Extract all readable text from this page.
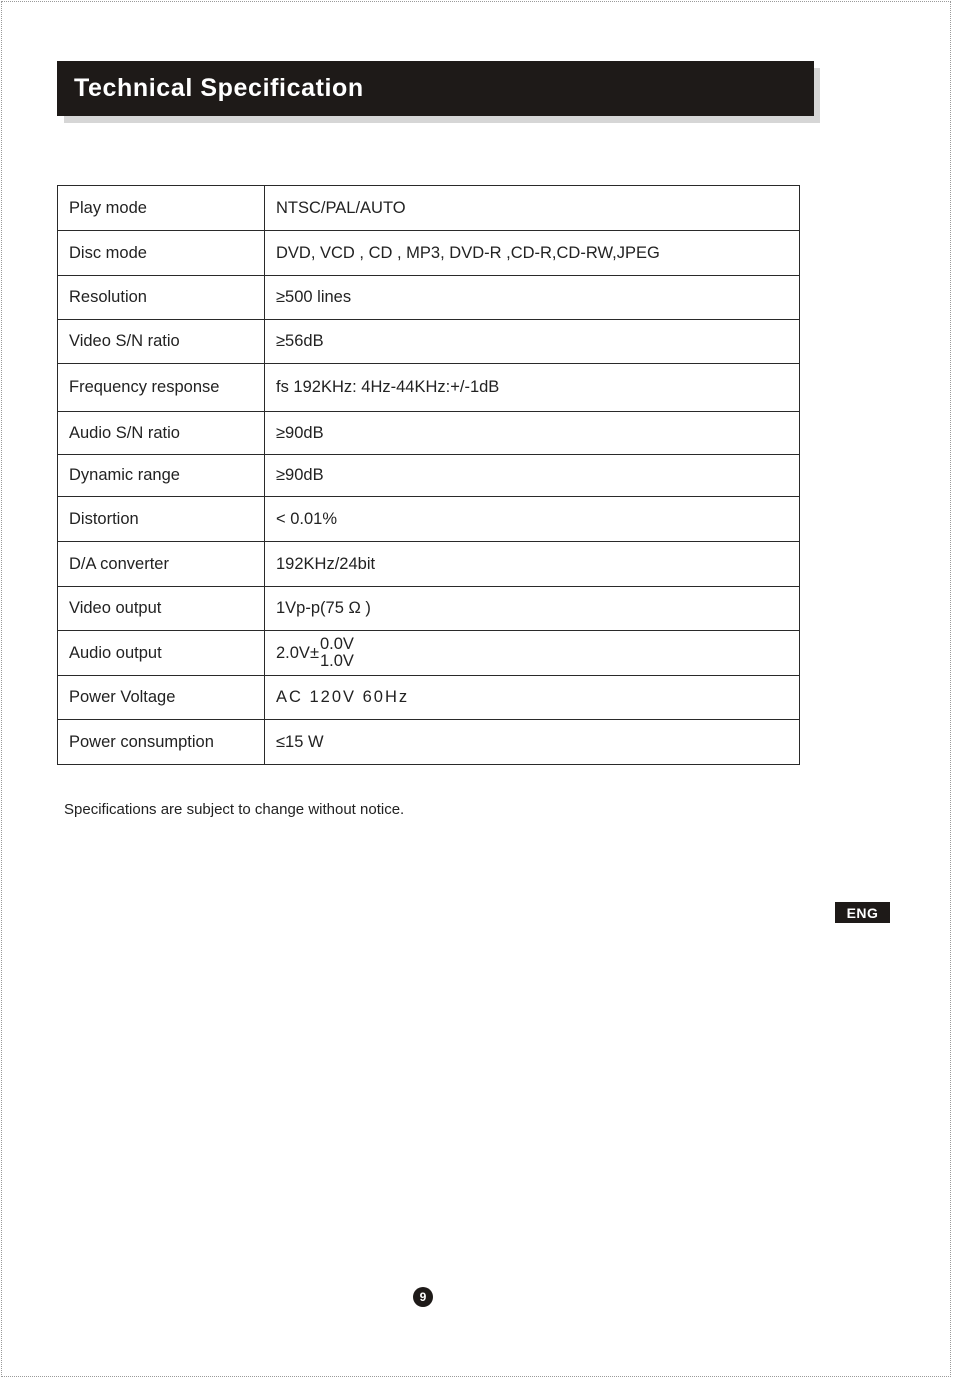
Technical Specification
Play mode	NTSC/PAL/AUTO
Disc mode	DVD, VCD , CD , MP3, DVD-R ,CD-R,CD-RW,JPEG
Resolution	≥500 lines
Video S/N ratio	≥56dB
Frequency response	fs 192KHz: 4Hz-44KHz:+/-1dB
Audio S/N ratio	≥90dB
Dynamic range	≥90dB
Distortion	< 0.01%
D/A converter	192KHz/24bit
Video output	1Vp-p(75 Ω )
Audio output	2.0V± 0.0V
1.0V

Power Voltage	AC 120V 60Hz
Power consumption	≤15 W
Specifications are subject to change without notice.
ENG
9
